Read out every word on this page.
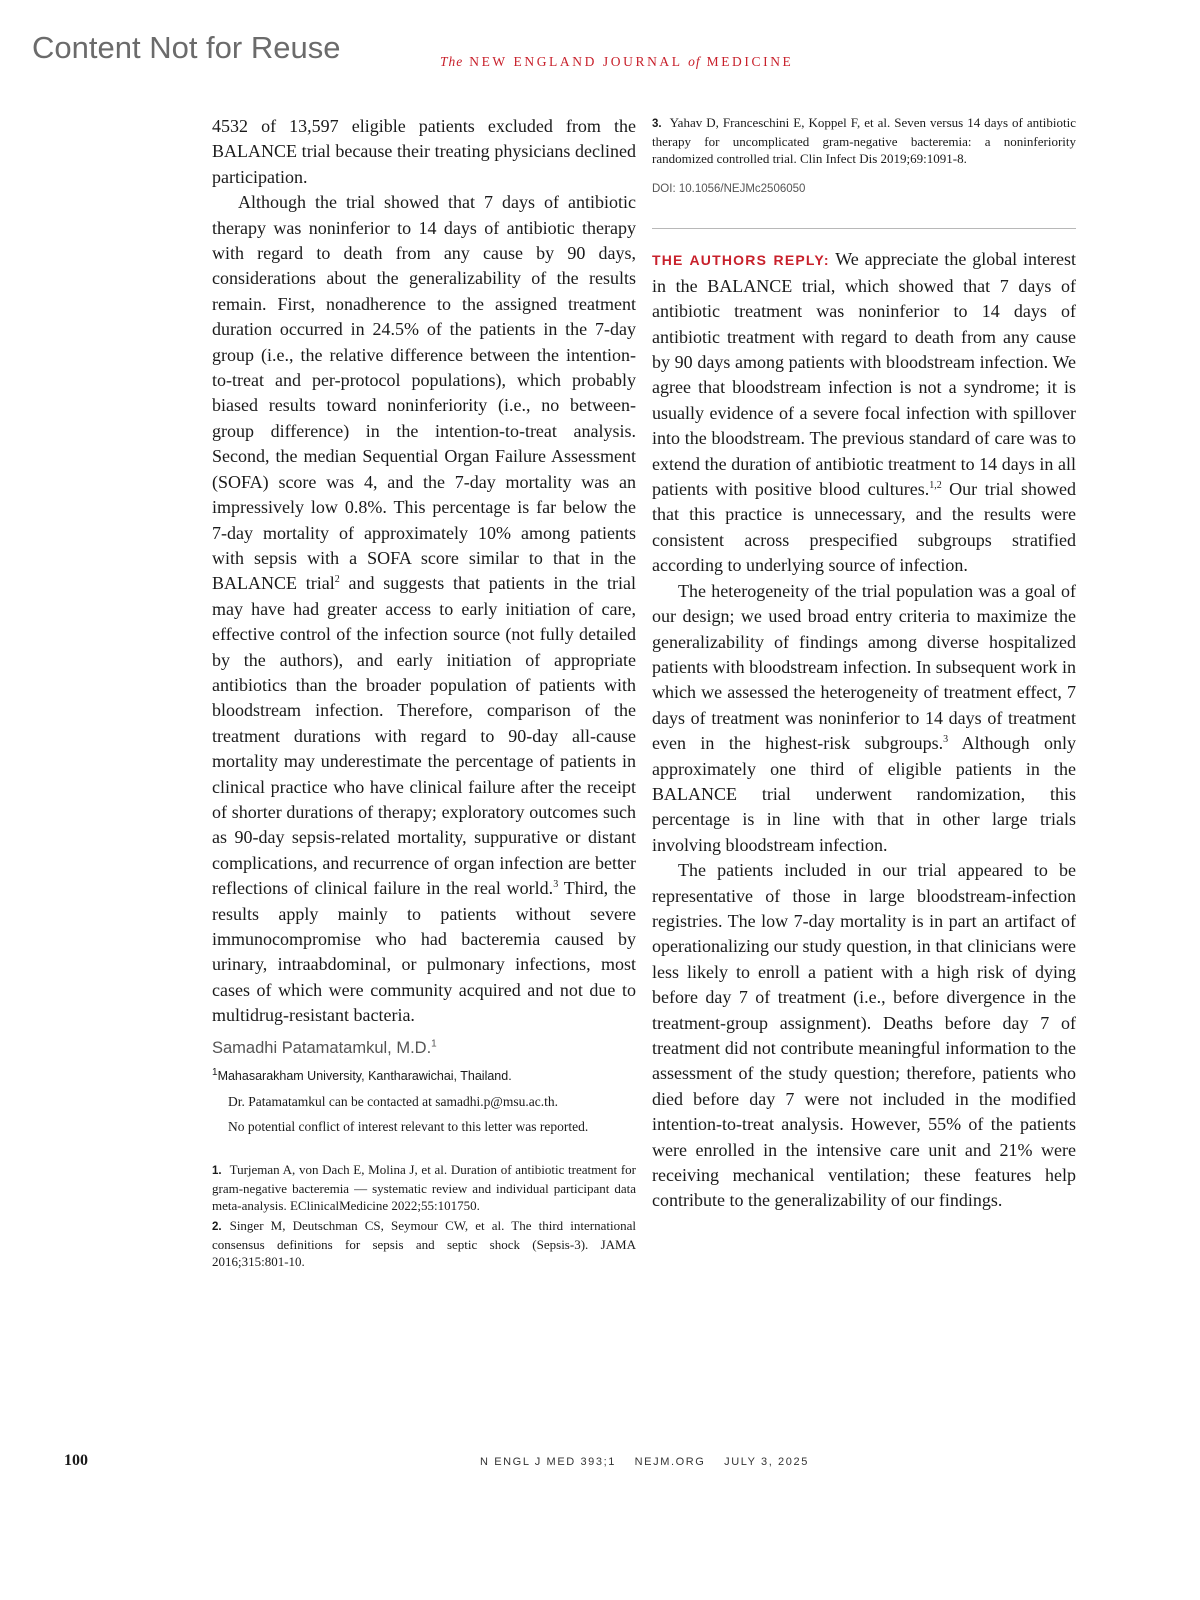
Content Not for Reuse	The NEW ENGLAND JOURNAL of MEDICINE

4532 of 13,597 eligible patients excluded from the BALANCE trial because their treating physicians declined participation.

Although the trial showed that 7 days of antibiotic therapy was noninferior to 14 days of antibiotic therapy with regard to death from any cause by 90 days, considerations about the generalizability of the results remain. First, nonadherence to the assigned treatment duration occurred in 24.5% of the patients in the 7-day group (i.e., the relative difference between the intention-to-treat and per-protocol populations), which probably biased results toward noninferiority (i.e., no between-group difference) in the intention-to-treat analysis. Second, the median Sequential Organ Failure Assessment (SOFA) score was 4, and the 7-day mortality was an impressively low 0.8%. This percentage is far below the 7-day mortality of approximately 10% among patients with sepsis with a SOFA score similar to that in the BALANCE trial$^2$ and suggests that patients in the trial may have had greater access to early initiation of care, effective control of the infection source (not fully detailed by the authors), and early initiation of appropriate antibiotics than the broader population of patients with bloodstream infection. Therefore, comparison of the treatment durations with regard to 90-day all-cause mortality may underestimate the percentage of patients in clinical practice who have clinical failure after the receipt of shorter durations of therapy; exploratory outcomes such as 90-day sepsis-related mortality, suppurative or distant complications, and recurrence of organ infection are better reflections of clinical failure in the real world.$^3$ Third, the results apply mainly to patients without severe immunocompromise who had bacteremia caused by urinary, intraabdominal, or pulmonary infections, most cases of which were community acquired and not due to multidrug-resistant bacteria.

Samadhi Patamatamkul, M.D.$^1$
$^1$Mahasarakham University, Kantharawichai, Thailand.
Dr. Patamatamkul can be contacted at samadhi.p@msu.ac.th.
No potential conflict of interest relevant to this letter was reported.

1. Turjeman A, von Dach E, Molina J, et al. Duration of antibiotic treatment for gram-negative bacteremia — systematic review and individual participant data meta-analysis. EClinicalMedicine 2022;55:101750.

2. Singer M, Deutschman CS, Seymour CW, et al. The third international consensus definitions for sepsis and septic shock (Sepsis-3). JAMA 2016;315:801-10.

3. Yahav D, Franceschini E, Koppel F, et al. Seven versus 14 days of antibiotic therapy for uncomplicated gram-negative bacteremia: a noninferiority randomized controlled trial. Clin Infect Dis 2019;69:1091-8.

DOI: 10.1056/NEJMc2506050

THE AUTHORS REPLY: We appreciate the global interest in the BALANCE trial, which showed that 7 days of antibiotic treatment was noninferior to 14 days of antibiotic treatment with regard to death from any cause by 90 days among patients with bloodstream infection. We agree that bloodstream infection is not a syndrome; it is usually evidence of a severe focal infection with spillover into the bloodstream. The previous standard of care was to extend the duration of antibiotic treatment to 14 days in all patients with positive blood cultures.$^{1,2}$ Our trial showed that this practice is unnecessary, and the results were consistent across prespecified subgroups stratified according to underlying source of infection.

The heterogeneity of the trial population was a goal of our design; we used broad entry criteria to maximize the generalizability of findings among diverse hospitalized patients with bloodstream infection. In subsequent work in which we assessed the heterogeneity of treatment effect, 7 days of treatment was noninferior to 14 days of treatment even in the highest-risk subgroups.$^3$ Although only approximately one third of eligible patients in the BALANCE trial underwent randomization, this percentage is in line with that in other large trials involving bloodstream infection.

The patients included in our trial appeared to be representative of those in large bloodstream-infection registries. The low 7-day mortality is in part an artifact of operationalizing our study question, in that clinicians were less likely to enroll a patient with a high risk of dying before day 7 of treatment (i.e., before divergence in the treatment-group assignment). Deaths before day 7 of treatment did not contribute meaningful information to the assessment of the study question; therefore, patients who died before day 7 were not included in the modified intention-to-treat analysis. However, 55% of the patients were enrolled in the intensive care unit and 21% were receiving mechanical ventilation; these features help contribute to the generalizability of our findings.

100	N ENGL J MED 393;1    NEJM.ORG    JULY 3, 2025
